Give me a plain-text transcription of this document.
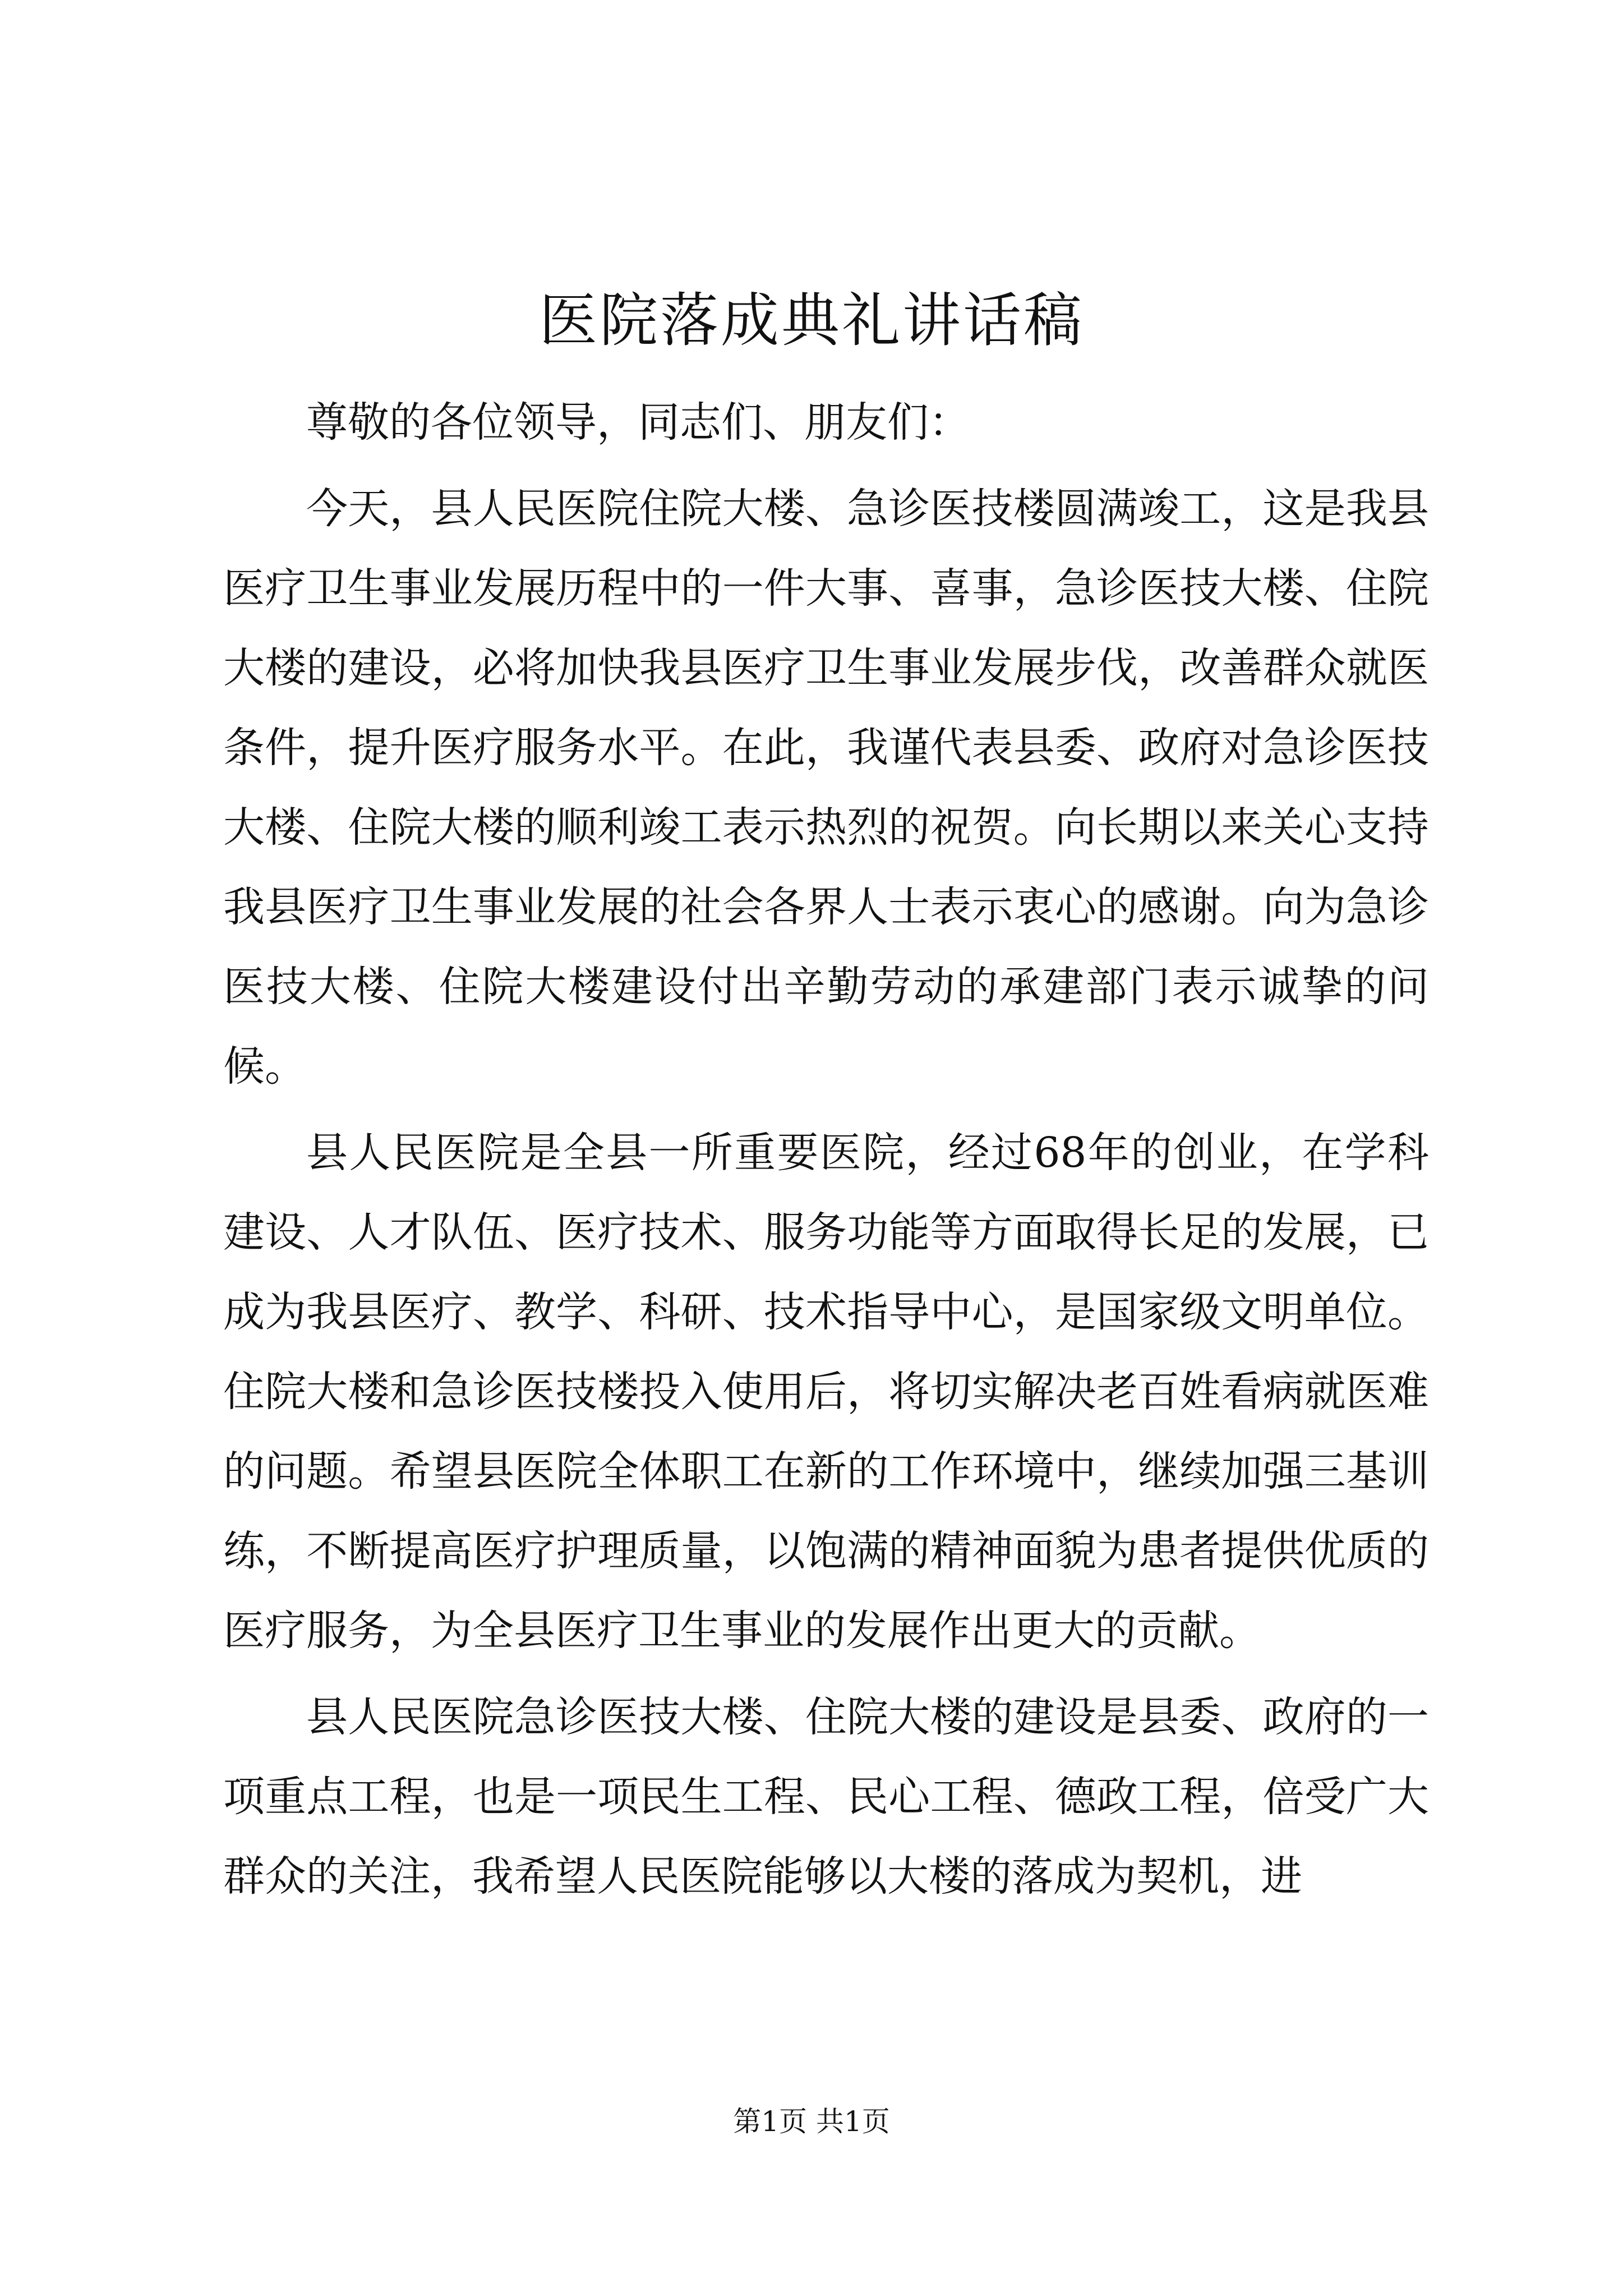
医院落成典礼讲话稿

尊敬的各位领导，同志们、朋友们：

今天，县人民医院住院大楼、急诊医技楼圆满竣工，这是我县医疗卫生事业发展历程中的一件大事、喜事，急诊医技大楼、住院大楼的建设，必将加快我县医疗卫生事业发展步伐，改善群众就医条件，提升医疗服务水平。在此，我谨代表县委、政府对急诊医技大楼、住院大楼的顺利竣工表示热烈的祝贺。向长期以来关心支持我县医疗卫生事业发展的社会各界人士表示衷心的感谢。向为急诊医技大楼、住院大楼建设付出辛勤劳动的承建部门表示诚挚的问候。

县人民医院是全县一所重要医院，经过68年的创业，在学科建设、人才队伍、医疗技术、服务功能等方面取得长足的发展，已成为我县医疗、教学、科研、技术指导中心，是国家级文明单位。住院大楼和急诊医技楼投入使用后，将切实解决老百姓看病就医难的问题。希望县医院全体职工在新的工作环境中，继续加强三基训练，不断提高医疗护理质量，以饱满的精神面貌为患者提供优质的医疗服务，为全县医疗卫生事业的发展作出更大的贡献。

县人民医院急诊医技大楼、住院大楼的建设是县委、政府的一项重点工程，也是一项民生工程、民心工程、德政工程，倍受广大群众的关注，我希望人民医院能够以大楼的落成为契机，进

第1页 共1页
